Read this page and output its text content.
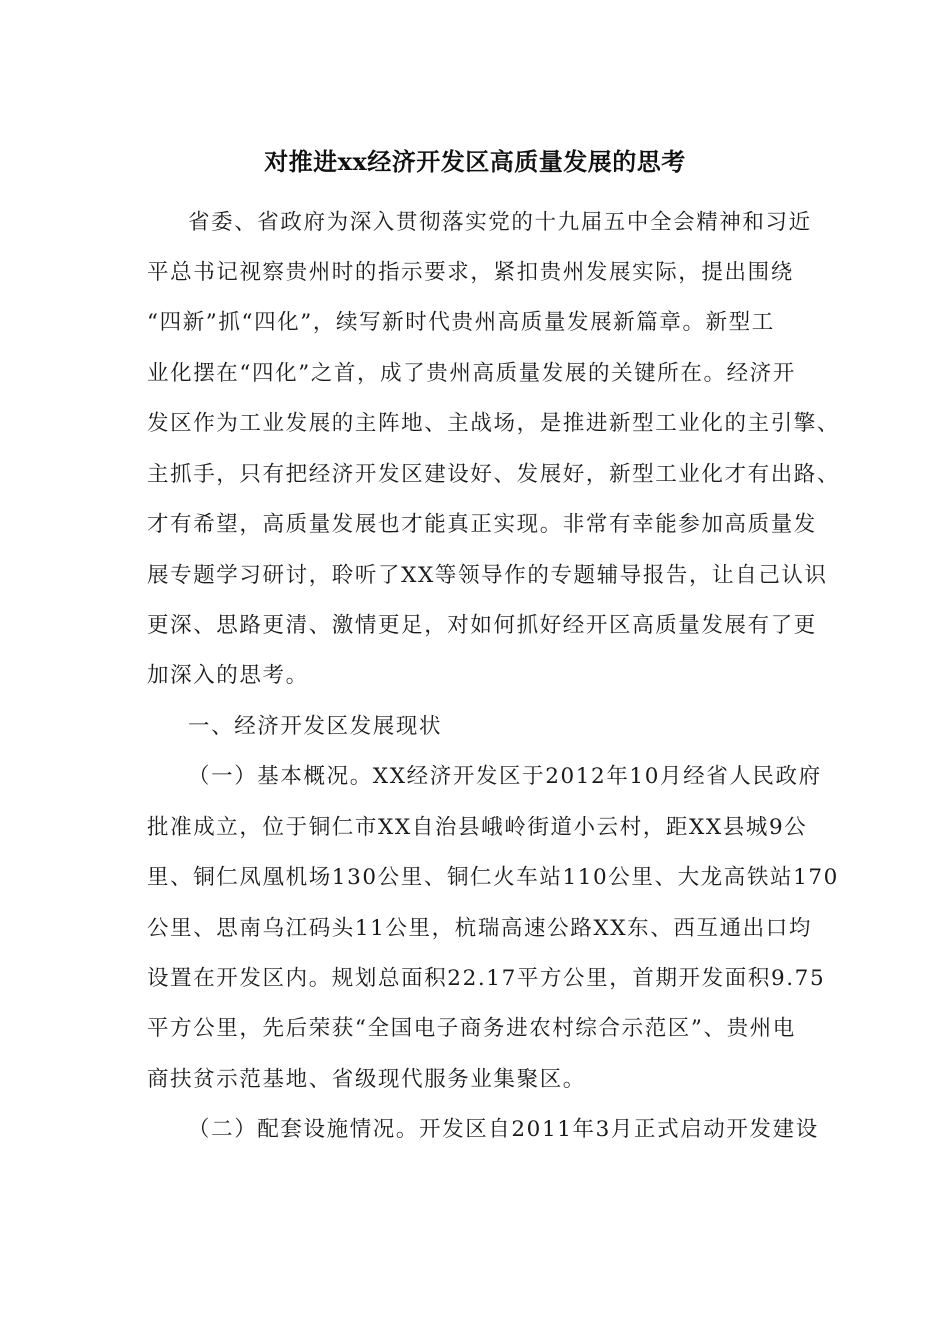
对推进xx经济开发区高质量发展的思考
省委、省政府为深入贯彻落实党的十九届五中全会精神和习近
平总书记视察贵州时的指示要求，紧扣贵州发展实际，提出围绕
“四新”抓“四化”，续写新时代贵州高质量发展新篇章。新型工
业化摆在“四化”之首，成了贵州高质量发展的关键所在。经济开
发区作为工业发展的主阵地、主战场，是推进新型工业化的主引擎、
主抓手，只有把经济开发区建设好、发展好，新型工业化才有出路、
才有希望，高质量发展也才能真正实现。非常有幸能参加高质量发
展专题学习研讨，聆听了XX等领导作的专题辅导报告，让自己认识
更深、思路更清、激情更足，对如何抓好经开区高质量发展有了更
加深入的思考。
一、经济开发区发展现状
（一）基本概况。XX经济开发区于2012年10月经省人民政府
批准成立，位于铜仁市XX自治县峨岭街道小云村，距XX县城9公
里、铜仁凤凰机场130公里、铜仁火车站110公里、大龙高铁站170
公里、思南乌江码头11公里，杭瑞高速公路XX东、西互通出口均
设置在开发区内。规划总面积22.17平方公里，首期开发面积9.75
平方公里，先后荣获“全国电子商务进农村综合示范区”、贵州电
商扶贫示范基地、省级现代服务业集聚区。
（二）配套设施情况。开发区自2011年3月正式启动开发建设
